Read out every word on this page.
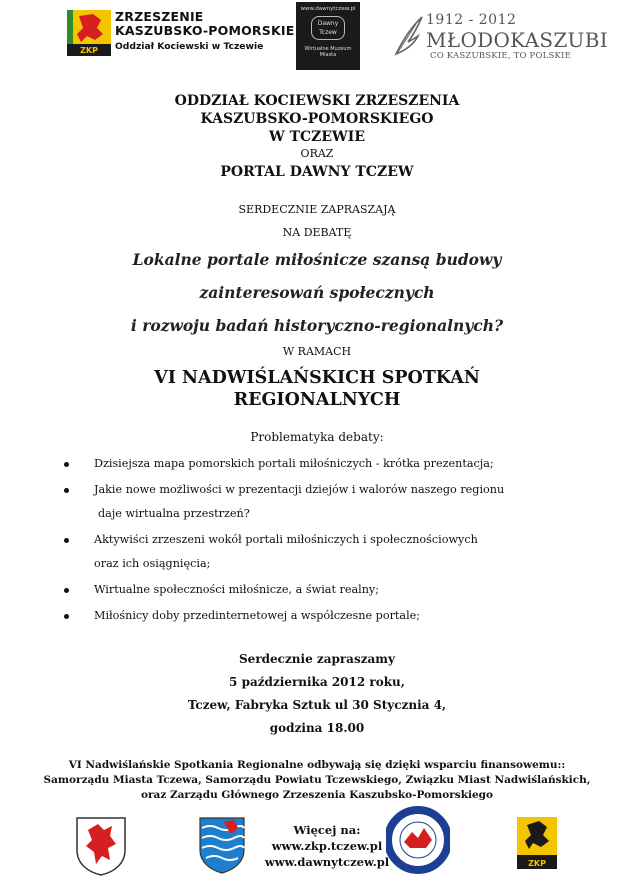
ZKP
ZRZESZENIE
KASZUBSKO-POMORSKIE
Oddział Kociewski w Tczewie
www.dawnytczew.pl
Dawny
Tczew
Wirtualne Muzeum Miasta
1912 - 2012
MŁODOKASZUBI
CO KASZUBSKIE, TO POLSKIE
ODDZIAŁ KOCIEWSKI ZRZESZENIA
KASZUBSKO-POMORSKIEGO
W TCZEWIE
ORAZ
PORTAL DAWNY TCZEW
SERDECZNIE ZAPRASZAJĄ
NA DEBATĘ
Lokalne portale miłośnicze szansą budowy
zainteresowań społecznych
i rozwoju badań historyczno-regionalnych?
W RAMACH
VI NADWIŚLAŃSKICH SPOTKAŃ
REGIONALNYCH
Problematyka debaty:
Dzisiejsza mapa pomorskich portali miłośniczych - krótka prezentacja;
Jakie nowe możliwości w prezentacji dziejów i walorów naszego regionu
daje wirtualna przestrzeń?
Aktywiści zrzeszeni wokół portali miłośniczych i społecznościowych
oraz ich osiągnięcia;
Wirtualne społeczności miłośnicze, a świat realny;
Miłośnicy doby przedinternetowej a współczesne portale;
Serdecznie zapraszamy
5 października 2012 roku,
Tczew, Fabryka Sztuk ul 30 Stycznia 4,
godzina 18.00
VI Nadwiślańskie Spotkania Regionalne odbywają się dzięki wsparciu finansowemu::
Samorządu Miasta Tczewa, Samorządu Powiatu Tczewskiego, Związku Miast Nadwiślańskich,
oraz Zarządu Głównego Zrzeszenia Kaszubsko-Pomorskiego
Więcej na:
www.zkp.tczew.pl
www.dawnytczew.pl	ZKP
